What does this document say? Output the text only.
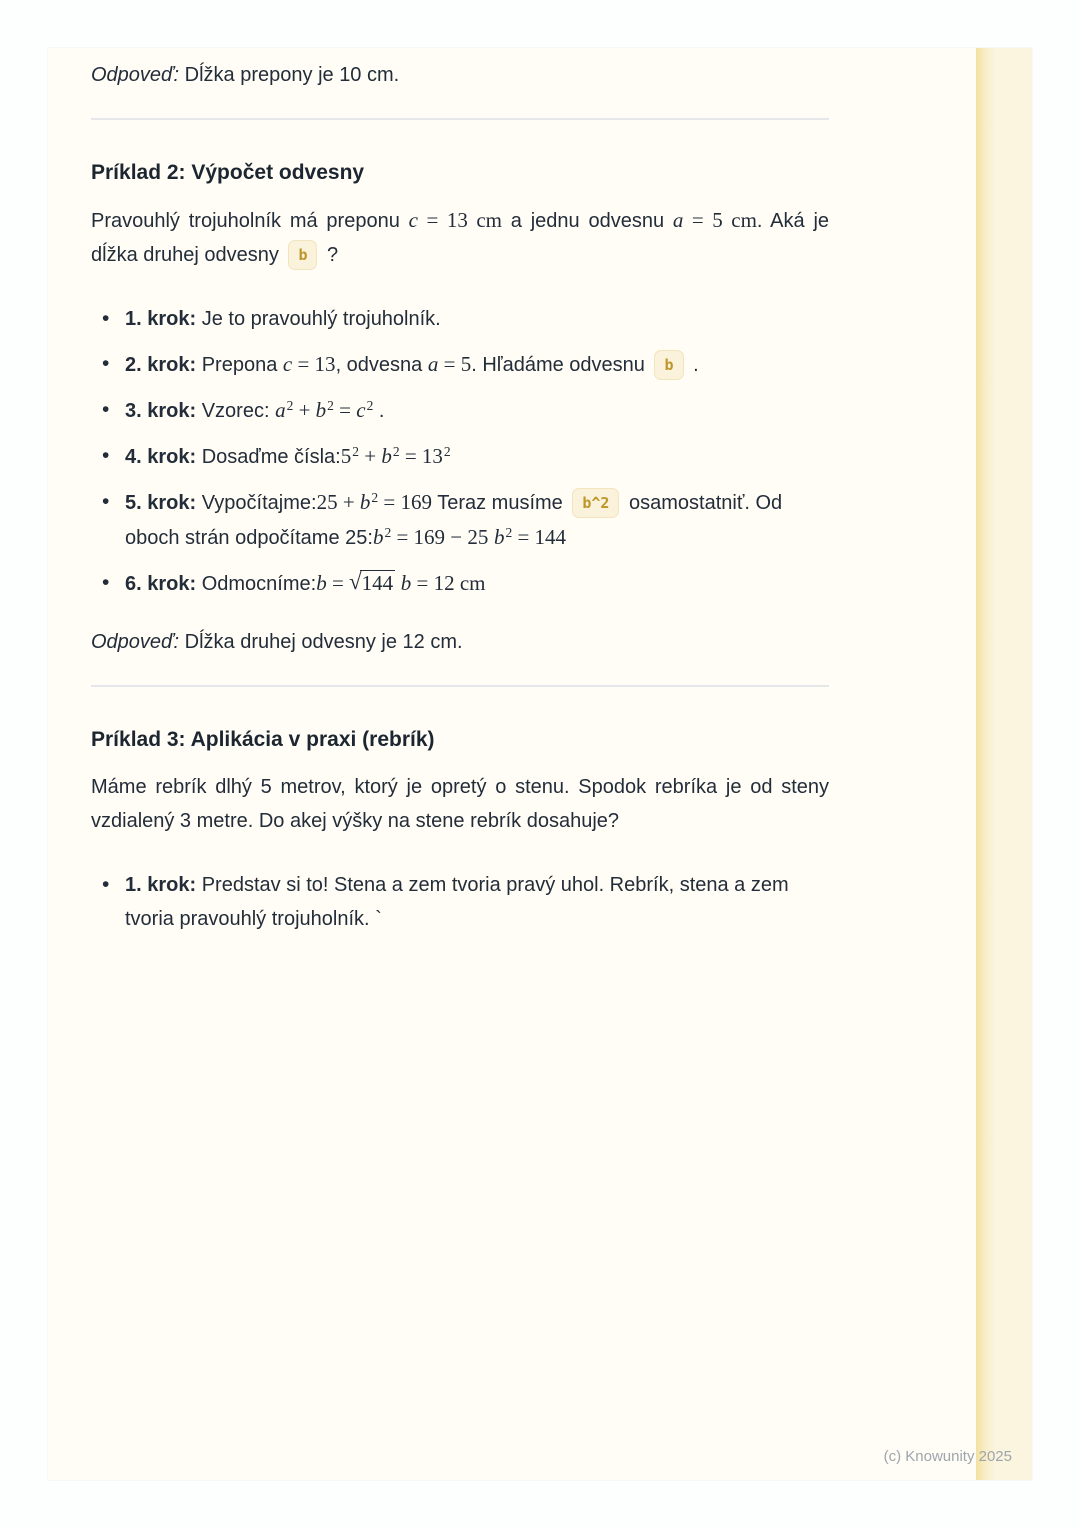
Odpoveď: Dĺžka prepony je 10 cm.

Príklad 2: Výpočet odvesny

Pravouhlý trojuholník má preponu c = 13 cm a jednu odvesnu a = 5 cm. Aká je dĺžka druhej odvesny b ?

• 1. krok: Je to pravouhlý trojuholník.
• 2. krok: Prepona c = 13, odvesna a = 5. Hľadáme odvesnu b .
• 3. krok: Vzorec: $a^2 + b^2 = c^2$ .
• 4. krok: Dosaďme $čísla:5^2 + b^2 = 13^2$
• 5. krok: Vypočítajme:25 + $b^2 = 169$ Teraz musíme b^2 osamostatniť. Od oboch strán odpočítame $25:b^2 = 169 - 25$ $b^2 = 144$
• 6. krok: Odmocníme:b = √144 b = 12 cm

Odpoveď: Dĺžka druhej odvesny je 12 cm.

Príklad 3: Aplikácia v praxi (rebrík)

Máme rebrík dlhý 5 metrov, ktorý je opretý o stenu. Spodok rebríka je od steny vzdialený 3 metre. Do akej výšky na stene rebrík dosahuje?

• 1. krok: Predstav si to! Stena a zem tvoria pravý uhol. Rebrík, stena a zem tvoria pravouhlý trojuholník. `
(c) Knowunity 2025
